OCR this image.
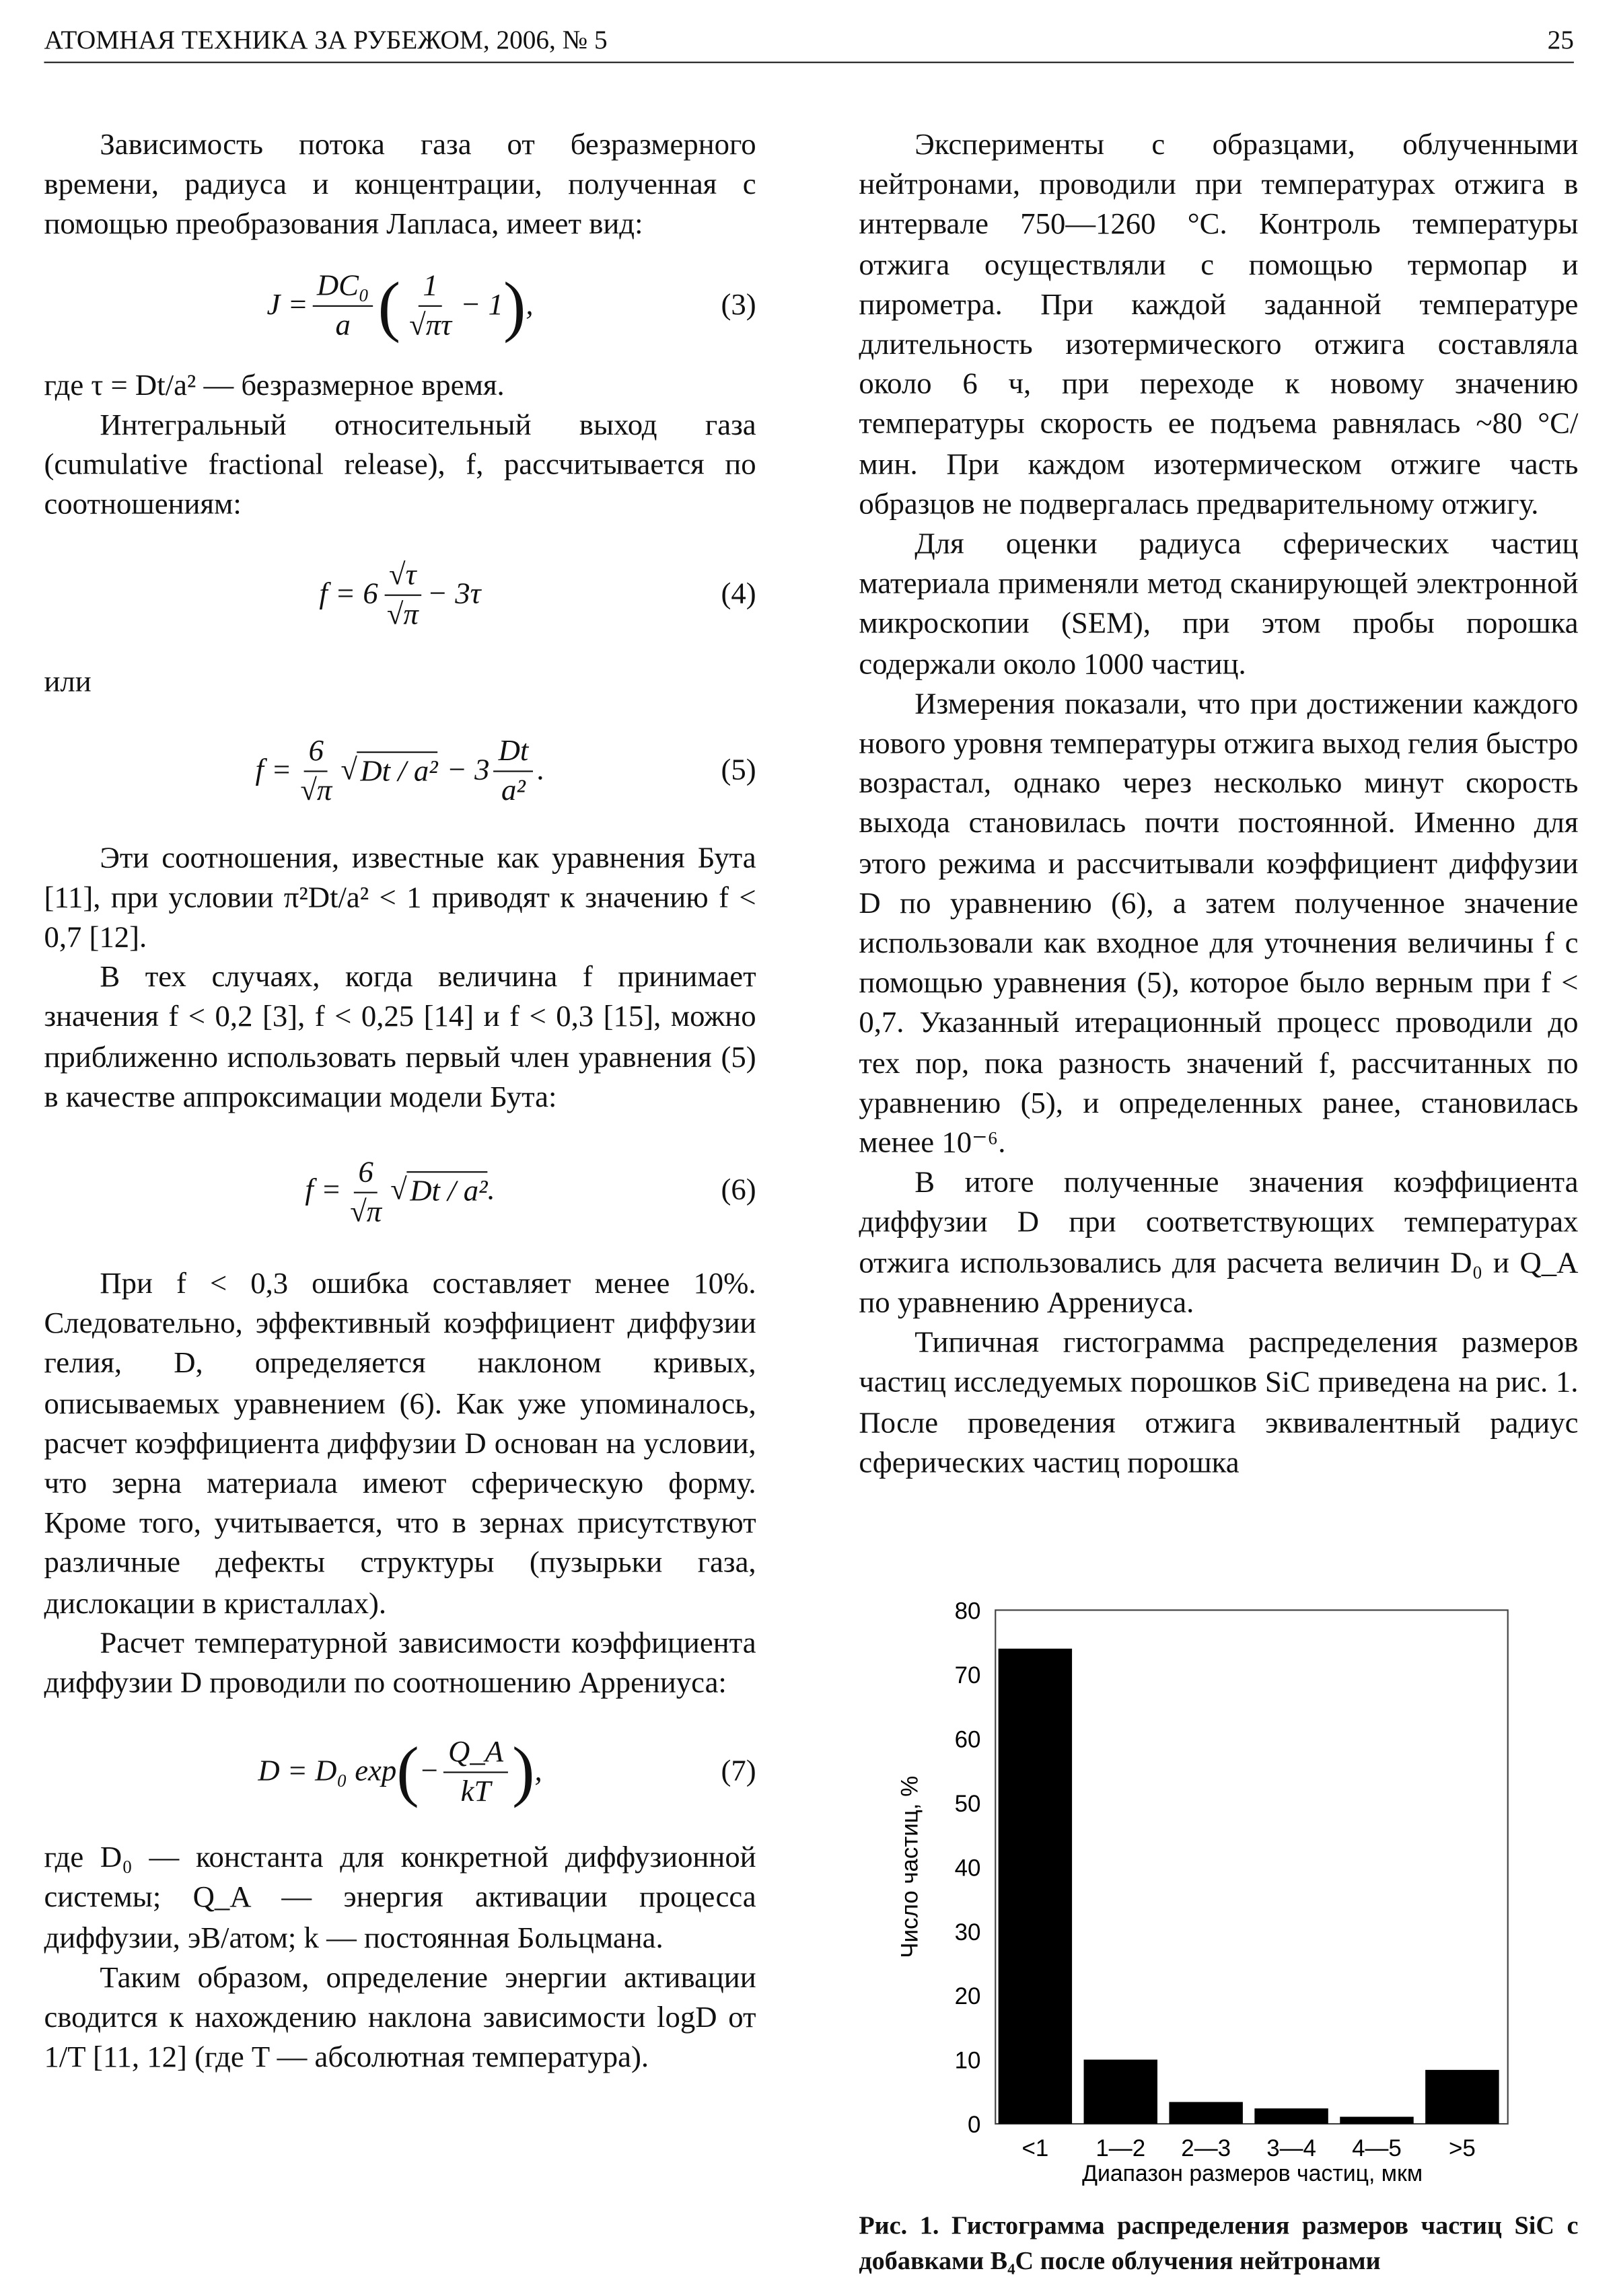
АТОМНАЯ ТЕХНИКА ЗА РУБЕЖОМ, 2006, № 5	25

Зависимость потока газа от безразмерного времени, радиуса и концентрации, полученная с помощью преобразования Лапласа, имеет вид:

$J = \frac{\text{DC₀}}{a}$ ( $\frac{1}{√\pi\tau} - 1$ ) ,	(3)

где τ = Dt/a² — безразмерное время.

Интегральный относительный выход газа (cumulative fractional release), f, рассчитывается по соотношениям:

$f = 6 \frac{√\tau}{√\pi} - 3\tau$	(4)

или

$f = \frac{6}{√\pi}$ √ $Dt / a^2 - 3 \frac{Dt}{\text{a²}}$ .	(5)

Эти соотношения, известные как уравнения Бута [11], при условии π²Dt/a² < 1 приводят к значению f < 0,7 [12].

В тех случаях, когда величина f принимает значения f < 0,2 [3], f < 0,25 [14] и f < 0,3 [15], можно приближенно использовать первый член уравнения (5) в качестве аппроксимации модели Бута:

$f = \frac{6}{√\pi}$ √ Dt / a² .	(6)

При f < 0,3 ошибка составляет менее 10%. Следовательно, эффективный коэффициент диффузии гелия, D, определяется наклоном кривых, описываемых уравнением (6). Как уже упоминалось, расчет коэффициента диффузии D основан на условии, что зерна материала имеют сферическую форму. Кроме того, учитывается, что в зернах присутствуют различные дефекты структуры (пузырьки газа, дислокации в кристаллах).

Расчет температурной зависимости коэффициента диффузии D проводили по соотношению Аррениуса:

D = D₀ exp ( − $\frac{Q\_A}{kT}$ ) ,	(7)

где D₀ — константа для конкретной диффузионной системы; Q_A — энергия активации процесса диффузии, эВ/атом; k — постоянная Больцмана.

Таким образом, определение энергии активации сводится к нахождению наклона зависимости logD от 1/T [11, 12] (где T — абсолютная температура).

Эксперименты с образцами, облученными нейтронами, проводили при температурах отжига в интервале 750—1260 °С. Контроль температуры отжига осуществляли с помощью термопар и пирометра. При каждой заданной температуре длительность изотермического отжига составляла около 6 ч, при переходе к новому значению температуры скорость ее подъема равнялась ~80 °С/мин. При каждом изотермическом отжиге часть образцов не подвергалась предварительному отжигу.

Для оценки радиуса сферических частиц материала применяли метод сканирующей электронной микроскопии (SEM), при этом пробы порошка содержали около 1000 частиц.

Измерения показали, что при достижении каждого нового уровня температуры отжига выход гелия быстро возрастал, однако через несколько минут скорость выхода становилась почти постоянной. Именно для этого режима и рассчитывали коэффициент диффузии D по уравнению (6), а затем полученное значение использовали как входное для уточнения величины f с помощью уравнения (5), которое было верным при f < 0,7. Указанный итерационный процесс проводили до тех пор, пока разность значений f, рассчитанных по уравнению (5), и определенных ранее, становилась менее 10⁻⁶.

В итоге полученные значения коэффициента диффузии D при соответствующих температурах отжига использовались для расчета величин D₀ и Q_A по уравнению Аррениуса.

Типичная гистограмма распределения размеров частиц исследуемых порошков SiC приведена на рис. 1. После проведения отжига эквивалентный радиус сферических частиц порошка

0
10
20
30
40
50
60
70
80
<1	1—2	2—3	3—4	4—5	>5
Число частиц, %
Диапазон размеров частиц, мкм
Рис. 1. Гистограмма распределения размеров частиц SiC с добавками B₄C после облучения нейтронами
